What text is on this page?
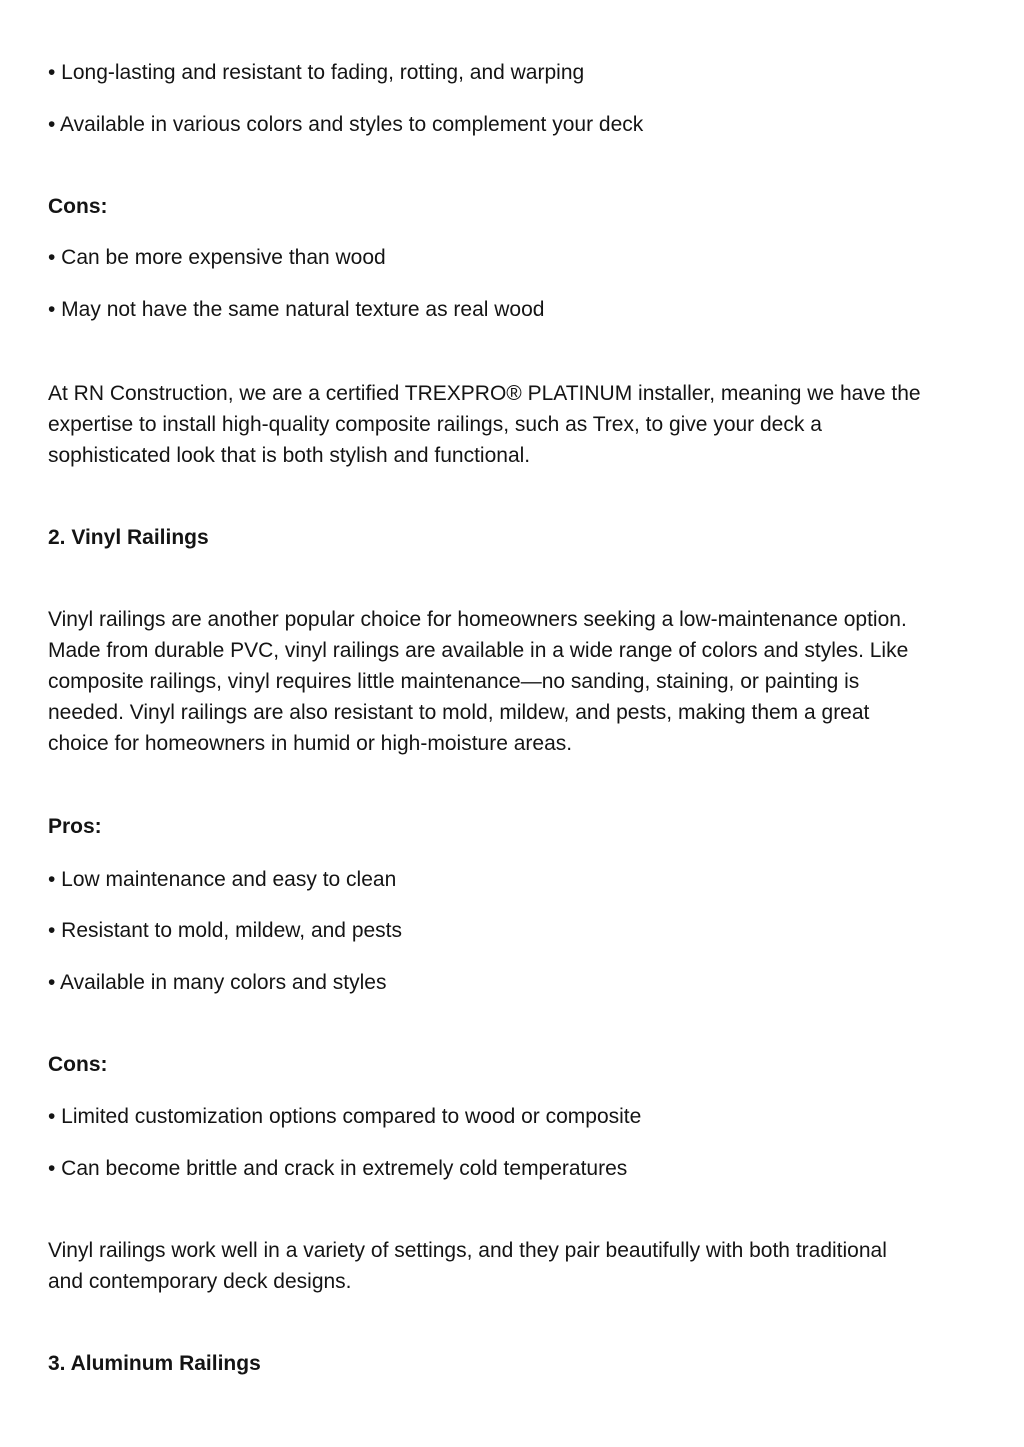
• Long-lasting and resistant to fading, rotting, and warping
• Available in various colors and styles to complement your deck
Cons:
• Can be more expensive than wood
• May not have the same natural texture as real wood
At RN Construction, we are a certified TREXPRO® PLATINUM installer, meaning we have the
expertise to install high-quality composite railings, such as Trex, to give your deck a
sophisticated look that is both stylish and functional.
2. Vinyl Railings
Vinyl railings are another popular choice for homeowners seeking a low-maintenance option.
Made from durable PVC, vinyl railings are available in a wide range of colors and styles. Like
composite railings, vinyl requires little maintenance—no sanding, staining, or painting is
needed. Vinyl railings are also resistant to mold, mildew, and pests, making them a great
choice for homeowners in humid or high-moisture areas.
Pros:
• Low maintenance and easy to clean
• Resistant to mold, mildew, and pests
• Available in many colors and styles
Cons:
• Limited customization options compared to wood or composite
• Can become brittle and crack in extremely cold temperatures
Vinyl railings work well in a variety of settings, and they pair beautifully with both traditional
and contemporary deck designs.
3. Aluminum Railings
